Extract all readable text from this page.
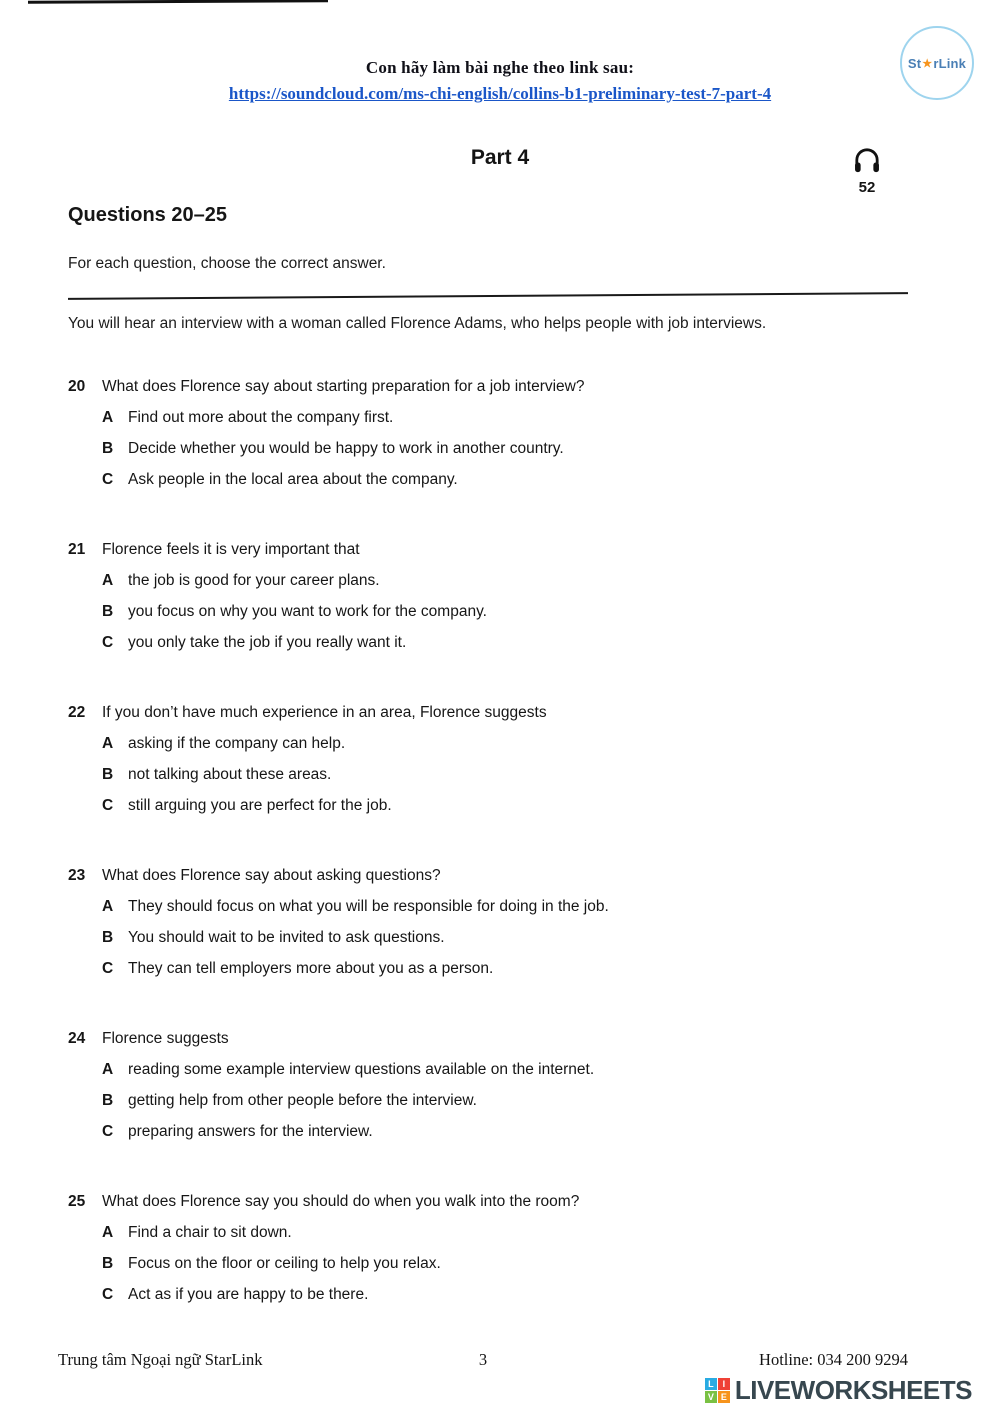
Con hãy làm bài nghe theo link sau:
https://soundcloud.com/ms-chi-english/collins-b1-preliminary-test-7-part-4
St ★ rLink
Part 4
52
Questions 20–25
For each question, choose the correct answer.
You will hear an interview with a woman called Florence Adams, who helps people with job interviews.
20	What does Florence say about starting preparation for a job interview?
A Find out more about the company first.
B Decide whether you would be happy to work in another country.
C Ask people in the local area about the company.
21	Florence feels it is very important that
A the job is good for your career plans.
B you focus on why you want to work for the company.
C you only take the job if you really want it.
22	If you don’t have much experience in an area, Florence suggests
A asking if the company can help.
B not talking about these areas.
C still arguing you are perfect for the job.
23	What does Florence say about asking questions?
A They should focus on what you will be responsible for doing in the job.
B You should wait to be invited to ask questions.
C They can tell employers more about you as a person.
24	Florence suggests
A reading some example interview questions available on the internet.
B getting help from other people before the interview.
C preparing answers for the interview.
25	What does Florence say you should do when you walk into the room?
A Find a chair to sit down.
B Focus on the floor or ceiling to help you relax.
C Act as if you are happy to be there.
Trung tâm Ngoại ngữ StarLink	3	Hotline: 034 200 9294
L I
V E LIVEWORKSHEETS
